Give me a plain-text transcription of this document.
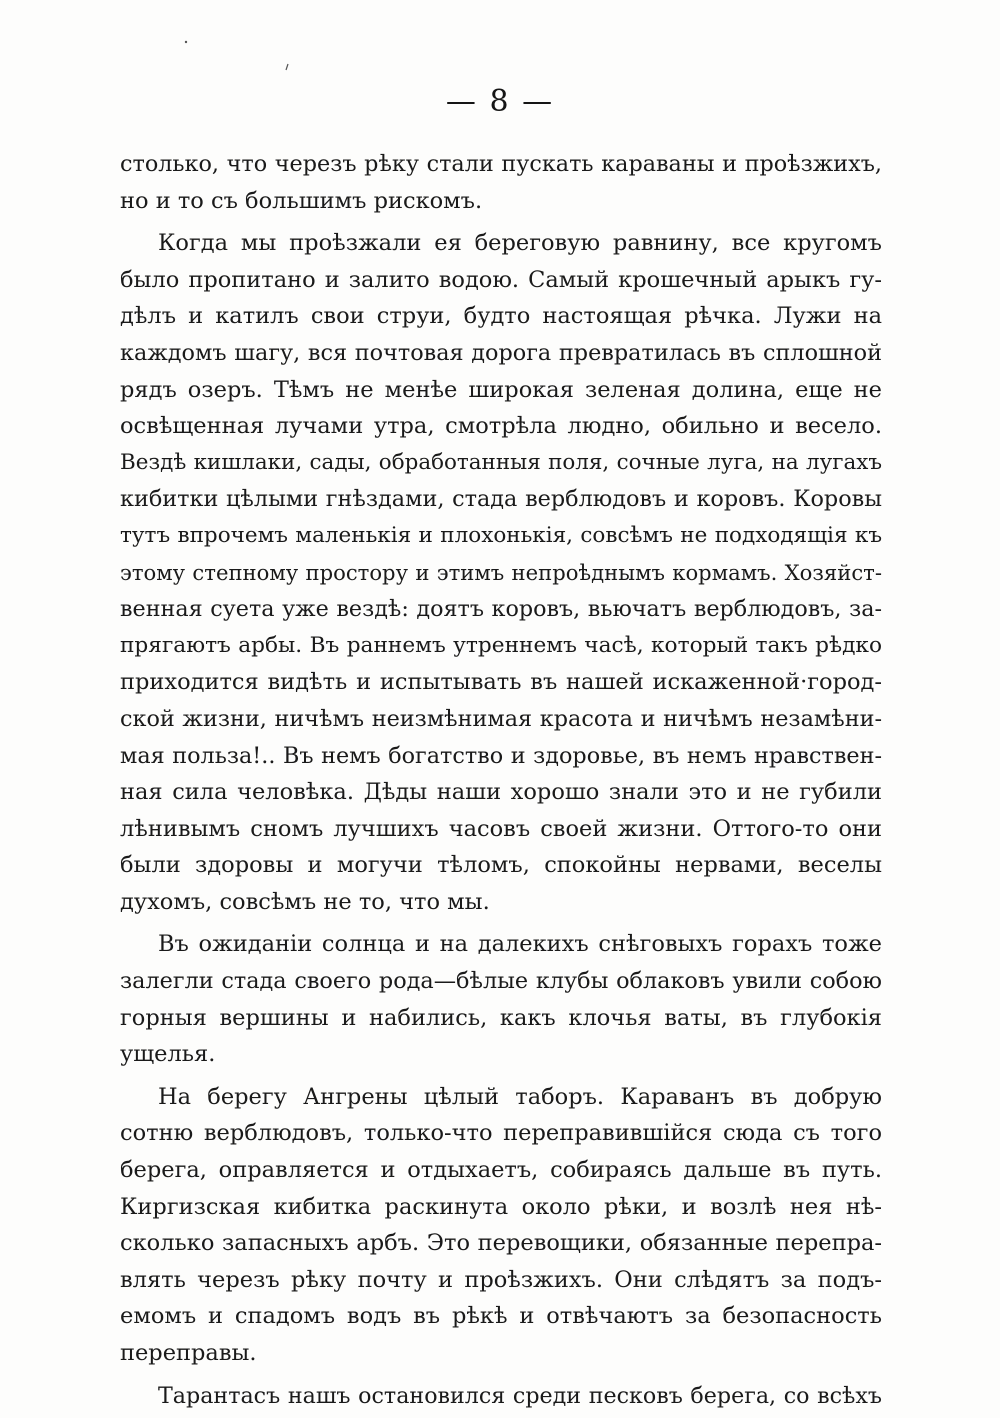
— 8 —
столько, что черезъ рѣку стали пускать караваны и проѣзжихъ,
но и то съ большимъ рискомъ.
Когда мы проѣзжали ея береговую равнину, все кругомъ
было пропитано и залито водою. Самый крошечный арыкъ гу-
дѣлъ и катилъ свои струи, будто настоящая рѣчка. Лужи на
каждомъ шагу, вся почтовая дорога превратилась въ сплошной
рядъ озеръ. Тѣмъ не менѣе широкая зеленая долина, еще не
освѣщенная лучами утра, смотрѣла людно, обильно и весело.
Вездѣ кишлаки, сады, обработанныя поля, сочные луга, на лугахъ
кибитки цѣлыми гнѣздами, стада верблюдовъ и коровъ. Коровы
тутъ впрочемъ маленькія и плохонькія, совсѣмъ не подходящія къ
этому степному простору и этимъ непроѣднымъ кормамъ. Хозяйст-
венная суета уже вездѣ: доятъ коровъ, вьючатъ верблюдовъ, за-
прягаютъ арбы. Въ раннемъ утреннемъ часѣ, который такъ рѣдко
приходится видѣть и испытывать въ нашей искаженной·город-
ской жизни, ничѣмъ неизмѣнимая красота и ничѣмъ незамѣни-
мая польза!.. Въ немъ богатство и здоровье, въ немъ нравствен-
ная сила человѣка. Дѣды наши хорошо знали это и не губили
лѣнивымъ сномъ лучшихъ часовъ своей жизни. Оттого-то они
были здоровы и могучи тѣломъ, спокойны нервами, веселы
духомъ, совсѣмъ не то, что мы.
Въ ожиданіи солнца и на далекихъ снѣговыхъ горахъ тоже
залегли стада своего рода—бѣлые клубы облаковъ увили собою
горныя вершины и набились, какъ клочья ваты, въ глубокія
ущелья.
На берегу Ангрены цѣлый таборъ. Караванъ въ добрую
сотню верблюдовъ, только-что переправившійся сюда съ того
берега, оправляется и отдыхаетъ, собираясь дальше въ путь.
Киргизская кибитка раскинута около рѣки, и возлѣ нея нѣ-
сколько запасныхъ арбъ. Это перевощики, обязанные перепра-
влять черезъ рѣку почту и проѣзжихъ. Они слѣдятъ за подъ-
емомъ и спадомъ водъ въ рѣкѣ и отвѣчаютъ за безопасность
переправы.
Тарантасъ нашъ остановился среди песковъ берега, со всѣхъ
